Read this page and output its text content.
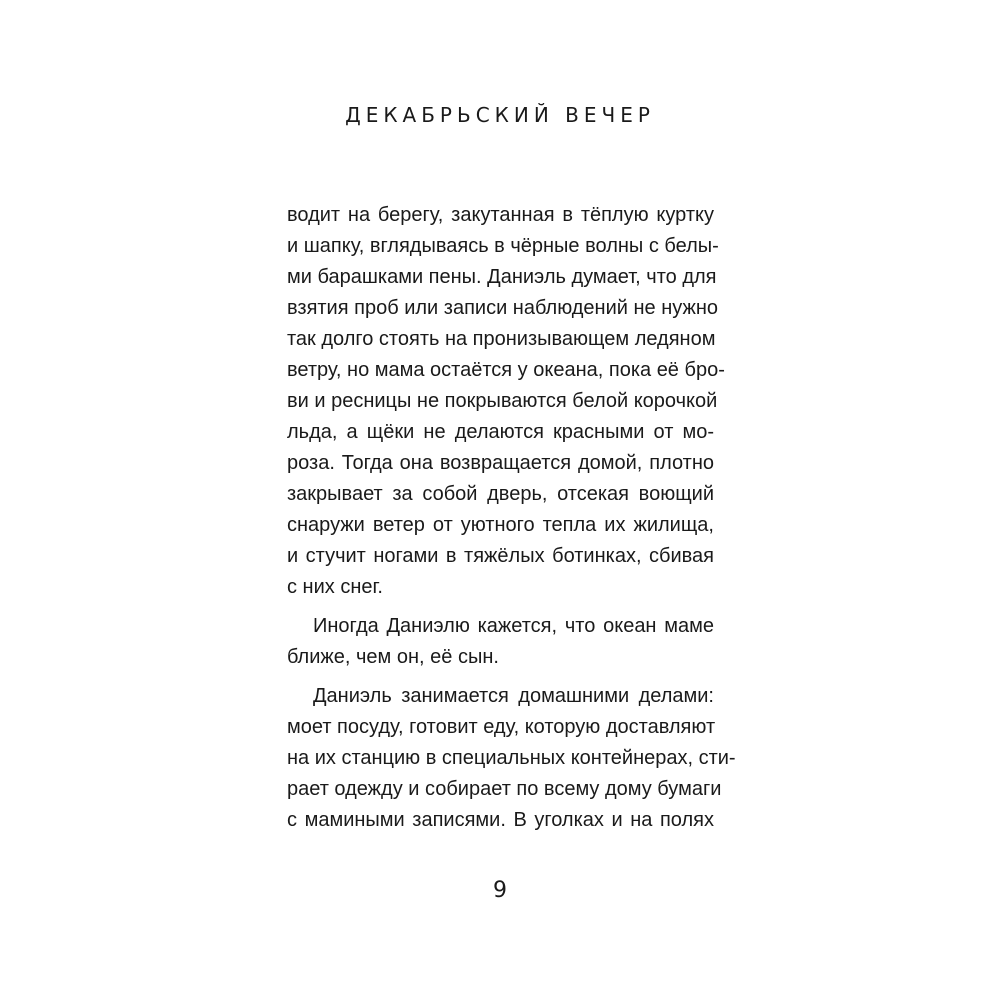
ДЕКАБРЬСКИЙ ВЕЧЕР
водит на берегу, закутанная в тёплую куртку
и шапку, вглядываясь в чёрные волны с белы-
ми барашками пены. Даниэль думает, что для
взятия проб или записи наблюдений не нужно
так долго стоять на пронизывающем ледяном
ветру, но мама остаётся у океана, пока её бро-
ви и ресницы не покрываются белой корочкой
льда, а щёки не делаются красными от мо-
роза. Тогда она возвращается домой, плотно
закрывает за собой дверь, отсекая воющий
снаружи ветер от уютного тепла их жилища,
и стучит ногами в тяжёлых ботинках, сбивая
с них снег.
Иногда Даниэлю кажется, что океан маме
ближе, чем он, её сын.
Даниэль занимается домашними делами:
моет посуду, готовит еду, которую доставляют
на их станцию в специальных контейнерах, сти-
рает одежду и собирает по всему дому бумаги
с мамиными записями. В уголках и на полях
9
